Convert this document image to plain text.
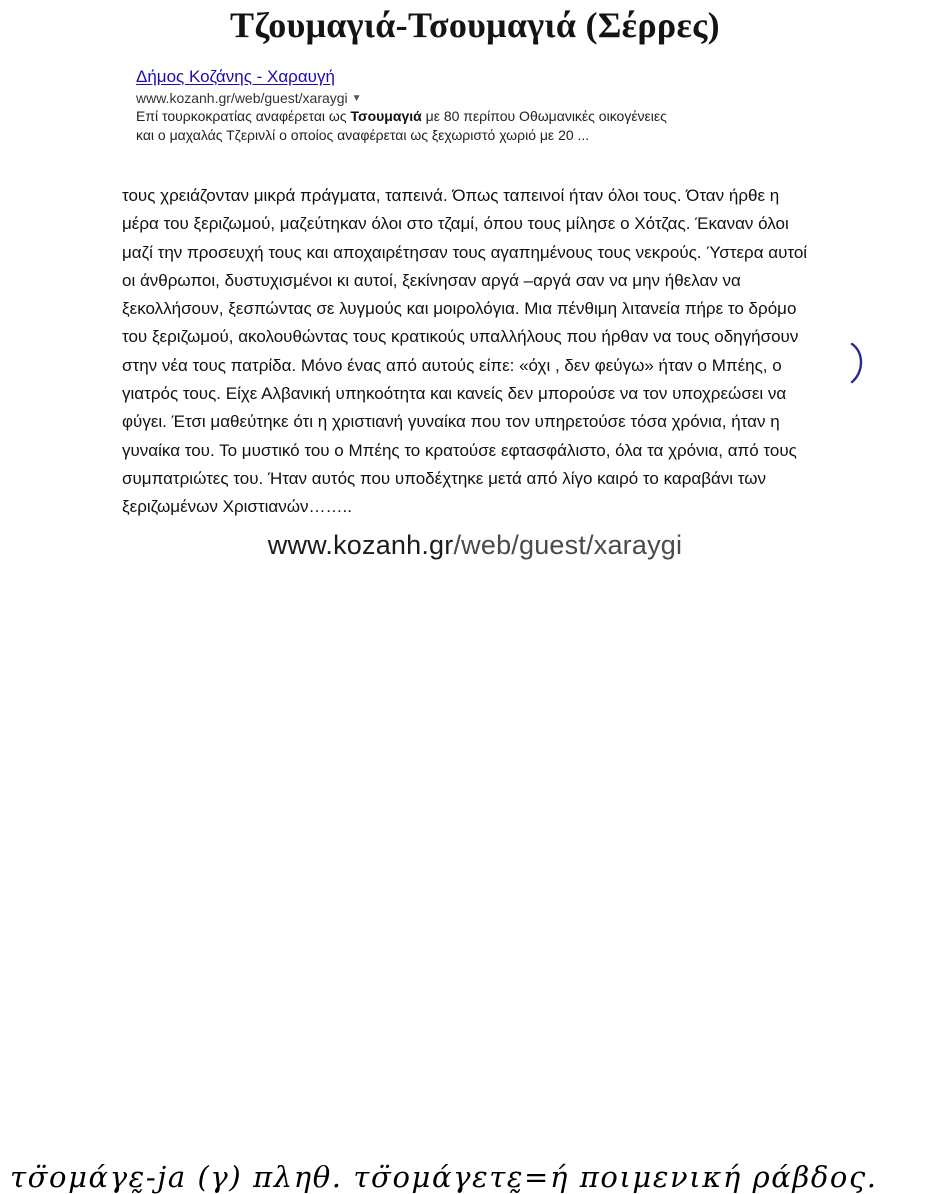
Τζουμαγιά-Τσουμαγιά (Σέρρες)
Δήμος Κοζάνης - Χαραυγή
www.kozanh.gr/web/guest/xaraygi ▼
Επί τουρκοκρατίας αναφέρεται ως Τσουμαγιά με 80 περίπου Οθωμανικές οικογένειες
και ο μαχαλάς Τζερινλί ο οποίος αναφέρεται ως ξεχωριστό χωριό με 20 ...
τους χρειάζονταν μικρά πράγματα, ταπεινά. Όπως ταπεινοί ήταν όλοι τους. Όταν ήρθε η
μέρα του ξεριζωμού, μαζεύτηκαν όλοι στο τζαμί, όπου τους μίλησε ο Χότζας. Έκαναν όλοι
μαζί την προσευχή τους και αποχαιρέτησαν τους αγαπημένους τους νεκρούς. Ύστερα αυτοί
οι άνθρωποι, δυστυχισμένοι κι αυτοί, ξεκίνησαν αργά –αργά σαν να μην ήθελαν να
ξεκολλήσουν, ξεσπώντας σε λυγμούς και μοιρολόγια. Μια πένθιμη λιτανεία πήρε το δρόμο
του ξεριζωμού, ακολουθώντας τους κρατικούς υπαλλήλους που ήρθαν να τους οδηγήσουν
στην νέα τους πατρίδα. Μόνο ένας από αυτούς είπε: «όχι , δεν φεύγω» ήταν ο Μπέης, ο
γιατρός τους. Είχε Αλβανική υπηκοότητα και κανείς δεν μπορούσε να τον υποχρεώσει να
φύγει. Έτσι μαθεύτηκε ότι η χριστιανή γυναίκα που τον υπηρετούσε τόσα χρόνια, ήταν η
γυναίκα του. Το μυστικό του ο Μπέης το κρατούσε εφτασφάλιστο, όλα τα χρόνια, από τους
συμπατριώτες του. Ήταν αυτός που υποδέχτηκε μετά από λίγο καιρό το καραβάνι των
ξεριζωμένων Χριστιανών……..
www.kozanh.gr/web/guest/xaraygi
τσ̈ομάγε̰-ja (γ) πληθ. τσ̈ομάγετε̰=ή ποιμενική ράβδος.
